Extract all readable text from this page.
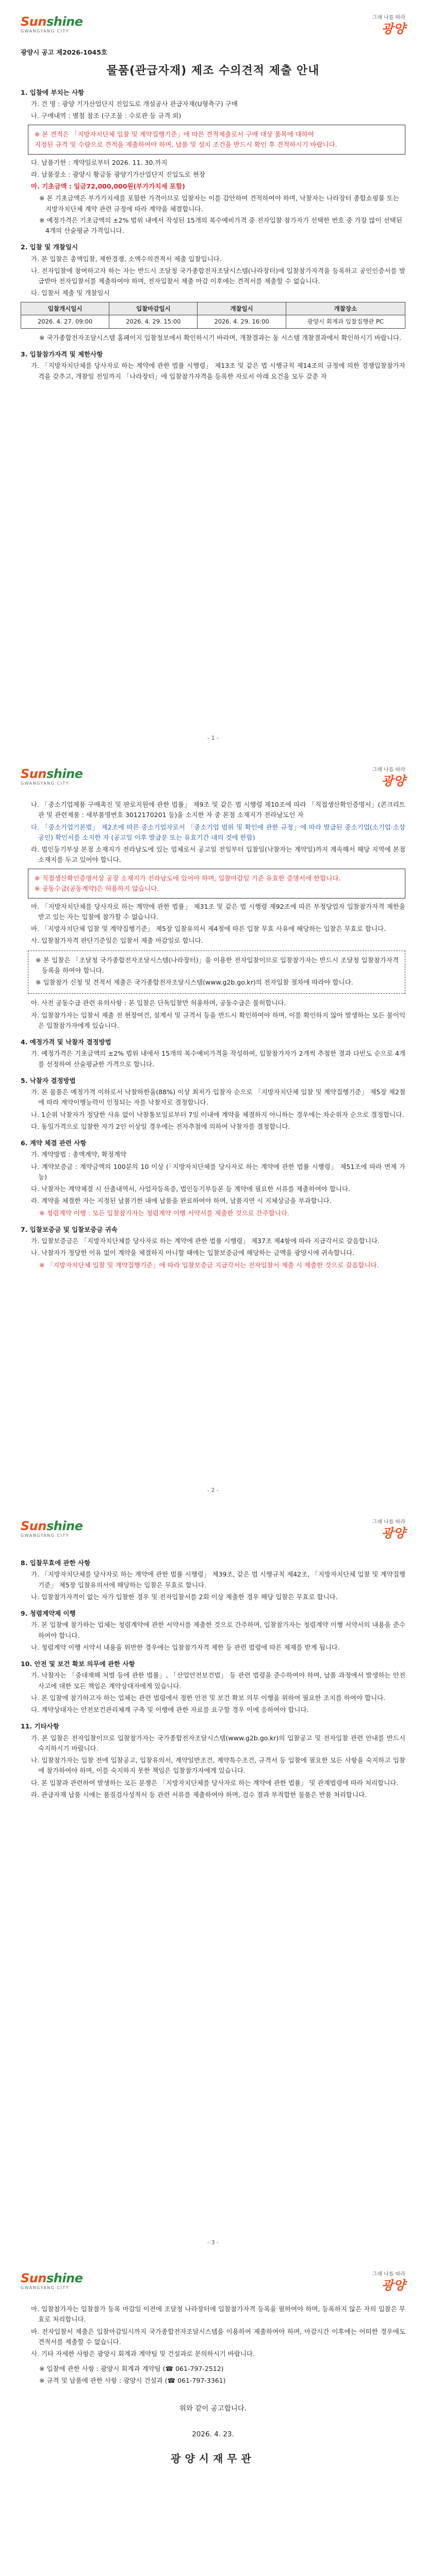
Sunshine
GWANGYANG CITY
그래 나를 따라
광양
광양시 공고 제2026-1045호
물품(관급자재) 제조 수의견적 제출 안내
1. 입찰에 부치는 사항
가. 건 명 : 광양 기가산업단지 진입도로 개설공사 관급자재(U형측구) 구매
나. 구매내역 : 별첨 참조 (구조물 : 수로관 등 규격 외)
※ 본 견적은 「지방자치단체 입찰 및 계약집행기준」에 따른 견적제출로서 구매 대상 품목에 대하여
지정된 규격 및 수량으로 견적을 제출하여야 하며, 납품 및 설치 조건을 반드시 확인 후 견적하시기 바랍니다.
다. 납품기한 : 계약일로부터 2026. 11. 30.까지
라. 납품장소 : 광양시 황금동 광양기가산업단지 진입도로 현장
마. 기초금액 : 일금72,000,000원(부가가치세 포함)
※ 본 기초금액은 부가가치세를 포함한 가격이므로 입찰자는 이를 감안하여 견적하여야 하며, 낙찰자는 나라장터 종합쇼핑몰 또는 지방자치단체 계약 관련 규정에 따라 계약을 체결합니다.
※ 예정가격은 기초금액의 ±2% 범위 내에서 작성된 15개의 복수예비가격 중 전자입찰 참가자가 선택한 번호 중 가장 많이 선택된 4개의 산술평균 가격입니다.
2. 입찰 및 개찰일시
가. 본 입찰은 총액입찰, 제한경쟁, 소액수의견적서 제출 입찰입니다.
나. 전자입찰에 참여하고자 하는 자는 반드시 조달청 국가종합전자조달시스템(나라장터)에 입찰참가자격을 등록하고 공인인증서를 발급받아 전자입찰서를 제출하여야 하며, 전자입찰서 제출 마감 이후에는 견적서를 제출할 수 없습니다.
다. 입찰서 제출 및 개찰일시
입찰개시일시	입찰마감일시	개찰일시	개찰장소
2026. 4. 27. 09:00	2026. 4. 29. 15:00	2026. 4. 29. 16:00	광양시 회계과 입찰집행관 PC
※ 국가종합전자조달시스템 홈페이지 입찰정보에서 확인하시기 바라며, 개찰결과는 동 시스템 개찰결과에서 확인하시기 바랍니다.
3. 입찰참가자격 및 제한사항
가. 「지방자치단체를 당사자로 하는 계약에 관한 법률 시행령」 제13조 및 같은 법 시행규칙 제14조의 규정에 의한 경쟁입찰참가자격을 갖추고, 개찰일 전일까지 「나라장터」에 입찰참가자격을 등록한 자로서 아래 요건을 모두 갖춘 자
- 1 -
Sunshine
GWANGYANG CITY
그래 나를 따라
광양
나. 「중소기업제품 구매촉진 및 판로지원에 관한 법률」 제9조 및 같은 법 시행령 제10조에 따라 「직접생산확인증명서」(콘크리트관 및 관련제품 : 세부품명번호 3012170201 등)을 소지한 자 중 본점 소재지가 전라남도인 자
다. 「중소기업기본법」 제2조에 따른 중소기업자로서 「중소기업 범위 및 확인에 관한 규정」에 따라 발급된 중소기업(소기업·소상공인) 확인서를 소지한 자 (공고일 이후 발급분 또는 유효기간 내의 것에 한함)
라. 법인등기부상 본점 소재지가 전라남도에 있는 업체로서 공고일 전일부터 입찰일(낙찰자는 계약일)까지 계속해서 해당 지역에 본점 소재지를 두고 있어야 합니다.
※ 직접생산확인증명서상 공장 소재지가 전라남도에 있어야 하며, 입찰마감일 기준 유효한 증명서에 한합니다.
※ 공동수급(공동계약)은 허용하지 않습니다.
마. 「지방자치단체를 당사자로 하는 계약에 관한 법률」 제31조 및 같은 법 시행령 제92조에 따른 부정당업자 입찰참가자격 제한을 받고 있는 자는 입찰에 참가할 수 없습니다.
바. 「지방자치단체 입찰 및 계약집행기준」 제5장 입찰유의서 제4절에 따른 입찰 무효 사유에 해당하는 입찰은 무효로 합니다.
사. 입찰참가자격 판단기준일은 입찰서 제출 마감일로 합니다.
※ 본 입찰은 「조달청 국가종합전자조달시스템(나라장터)」을 이용한 전자입찰이므로 입찰참가자는 반드시 조달청 입찰참가자격 등록을 하여야 합니다.
※ 입찰참가 신청 및 견적서 제출은 국가종합전자조달시스템(www.g2b.go.kr)의 전자입찰 절차에 따라야 합니다.
아. 사전 공동수급 관련 유의사항 : 본 입찰은 단독입찰만 허용하며, 공동수급은 불허합니다.
자. 입찰참가자는 입찰서 제출 전 현장여건, 설계서 및 규격서 등을 반드시 확인하여야 하며, 이를 확인하지 않아 발생하는 모든 불이익은 입찰참가자에게 있습니다.
4. 예정가격 및 낙찰자 결정방법
가. 예정가격은 기초금액의 ±2% 범위 내에서 15개의 복수예비가격을 작성하여, 입찰참가자가 2개씩 추첨한 결과 다빈도 순으로 4개를 선정하여 산술평균한 가격으로 합니다.
5. 낙찰자 결정방법
가. 본 물품은 예정가격 이하로서 낙찰하한율(88%) 이상 최저가 입찰자 순으로 「지방자치단체 입찰 및 계약집행기준」 제5장 제2절에 따라 계약이행능력이 인정되는 자를 낙찰자로 결정합니다.
나. 1순위 낙찰자가 정당한 사유 없이 낙찰통보일로부터 7일 이내에 계약을 체결하지 아니하는 경우에는 차순위자 순으로 결정합니다.
다. 동일가격으로 입찰한 자가 2인 이상일 경우에는 전자추첨에 의하여 낙찰자를 결정합니다.
6. 계약 체결 관련 사항
가. 계약방법 : 총액계약, 확정계약
나. 계약보증금 : 계약금액의 100분의 10 이상 (「지방자치단체를 당사자로 하는 계약에 관한 법률 시행령」 제51조에 따라 면제 가능)
다. 낙찰자는 계약체결 시 산출내역서, 사업자등록증, 법인등기부등본 등 계약에 필요한 서류를 제출하여야 합니다.
라. 계약을 체결한 자는 지정된 납품기한 내에 납품을 완료하여야 하며, 납품지연 시 지체상금을 부과합니다.
※ 청렴계약 이행 : 모든 입찰참가자는 청렴계약 이행 서약서를 제출한 것으로 간주합니다.
7. 입찰보증금 및 입찰보증금 귀속
가. 입찰보증금은 「지방자치단체를 당사자로 하는 계약에 관한 법률 시행령」 제37조 제4항에 따라 지급각서로 갈음합니다.
나. 낙찰자가 정당한 이유 없이 계약을 체결하지 아니할 때에는 입찰보증금에 해당하는 금액을 광양시에 귀속합니다.
※ 「지방자치단체 입찰 및 계약집행기준」에 따라 입찰보증금 지급각서는 전자입찰서 제출 시 제출한 것으로 갈음합니다.
- 2 -
Sunshine
GWANGYANG CITY
그래 나를 따라
광양
8. 입찰무효에 관한 사항
가. 「지방자치단체를 당사자로 하는 계약에 관한 법률 시행령」 제39조, 같은 법 시행규칙 제42조, 「지방자치단체 입찰 및 계약집행기준」 제5장 입찰유의서에 해당하는 입찰은 무효로 합니다.
나. 입찰참가자격이 없는 자가 입찰한 경우 및 전자입찰서를 2회 이상 제출한 경우 해당 입찰은 무효로 합니다.
9. 청렴계약제 이행
가. 본 입찰에 참가하는 업체는 청렴계약에 관한 서약서를 제출한 것으로 간주하며, 입찰참가자는 청렴계약 이행 서약서의 내용을 준수하여야 합니다.
나. 청렴계약 이행 서약서 내용을 위반한 경우에는 입찰참가자격 제한 등 관련 법령에 따른 제재를 받게 됩니다.
10. 안전 및 보건 확보 의무에 관한 사항
가. 낙찰자는 「중대재해 처벌 등에 관한 법률」, 「산업안전보건법」 등 관련 법령을 준수하여야 하며, 납품 과정에서 발생하는 안전사고에 대한 모든 책임은 계약상대자에게 있습니다.
나. 본 입찰에 참가하고자 하는 업체는 관련 법령에서 정한 안전 및 보건 확보 의무 이행을 위하여 필요한 조치를 하여야 합니다.
다. 계약상대자는 안전보건관리체계 구축 및 이행에 관한 자료를 요구할 경우 이에 응하여야 합니다.
11. 기타사항
가. 본 입찰은 전자입찰이므로 입찰참가자는 국가종합전자조달시스템(www.g2b.go.kr)의 입찰공고 및 전자입찰 관련 안내를 반드시 숙지하시기 바랍니다.
나. 입찰참가자는 입찰 전에 입찰공고, 입찰유의서, 계약일반조건, 계약특수조건, 규격서 등 입찰에 필요한 모든 사항을 숙지하고 입찰에 참가하여야 하며, 이를 숙지하지 못한 책임은 입찰참가자에게 있습니다.
다. 본 입찰과 관련하여 발생하는 모든 분쟁은 「지방자치단체를 당사자로 하는 계약에 관한 법률」 및 관계법령에 따라 처리합니다.
라. 관급자재 납품 시에는 품질검사성적서 등 관련 서류를 제출하여야 하며, 검수 결과 부적합한 물품은 반품 처리합니다.
- 3 -
Sunshine
GWANGYANG CITY
그래 나를 따라
광양
마. 입찰참가자는 입찰참가 등록 마감일 이전에 조달청 나라장터에 입찰참가자격 등록을 필하여야 하며, 등록하지 않은 자의 입찰은 무효로 처리합니다.
바. 전자입찰서 제출은 입찰마감일시까지 국가종합전자조달시스템을 이용하여 제출하여야 하며, 마감시간 이후에는 어떠한 경우에도 견적서를 제출할 수 없습니다.
사. 기타 자세한 사항은 광양시 회계과 계약팀 및 건설과로 문의하시기 바랍니다.
※ 입찰에 관한 사항 : 광양시 회계과 계약팀 (☎ 061-797-2512)
※ 규격 및 납품에 관한 사항 : 광양시 건설과 (☎ 061-797-3361)
위와 같이 공고합니다.
2026. 4. 23.
광양시재무관
